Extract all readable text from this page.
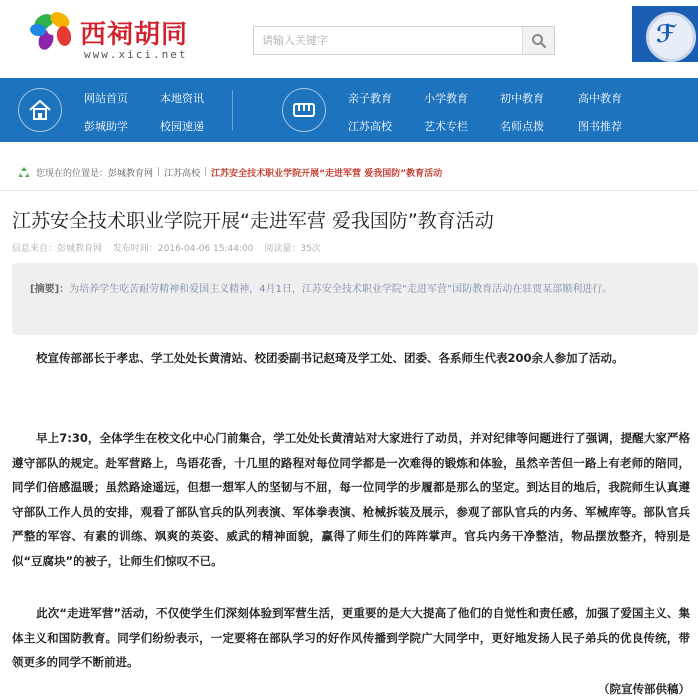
西祠胡同
www.xici.net
请输入关键字
ℱ
网站首页	本地资讯
彭城助学	校园速递
亲子教育	小学教育	初中教育	高中教育
江苏高校	艺术专栏	名师点拨	图书推荐
您现在的位置是： 彭城教育网 | 江苏高校 | 江苏安全技术职业学院开展“走进军营 爱我国防”教育活动
江苏安全技术职业学院开展“走进军营 爱我国防”教育活动
信息来自：彭城教育网 发布时间：2016-04-06 15:44:00 阅读量：35次
[摘要]：为培养学生吃苦耐劳精神和爱国主义精神，4月1日，江苏安全技术职业学院“走进军营”国防教育活动在驻贾某部顺利进行。

校宣传部部长于孝忠、学工处处长黄清站、校团委副书记赵琦及学工处、团委、各系师生代表200余人参加了活动。

早上7:30，全体学生在校文化中心门前集合，学工处处长黄清站对大家进行了动员，并对纪律等问题进行了强调，提醒大家严格遵守部队的规定。赴军营路上，鸟语花香，十几里的路程对每位同学都是一次难得的锻炼和体验，虽然辛苦但一路上有老师的陪同，同学们倍感温暖；虽然路途遥远，但想一想军人的坚韧与不屈，每一位同学的步履都是那么的坚定。到达目的地后，我院师生认真遵守部队工作人员的安排，观看了部队官兵的队列表演、军体拳表演、枪械拆装及展示，参观了部队官兵的内务、军械库等。部队官兵严整的军容、有素的训练、飒爽的英姿、威武的精神面貌，赢得了师生们的阵阵掌声。官兵内务干净整洁，物品摆放整齐，特别是似“豆腐块”的被子，让师生们惊叹不已。

此次“走进军营”活动，不仅使学生们深刻体验到军营生活，更重要的是大大提高了他们的自觉性和责任感，加强了爱国主义、集体主义和国防教育。同学们纷纷表示，一定要将在部队学习的好作风传播到学院广大同学中，更好地发扬人民子弟兵的优良传统，带领更多的同学不断前进。

（院宣传部供稿）
